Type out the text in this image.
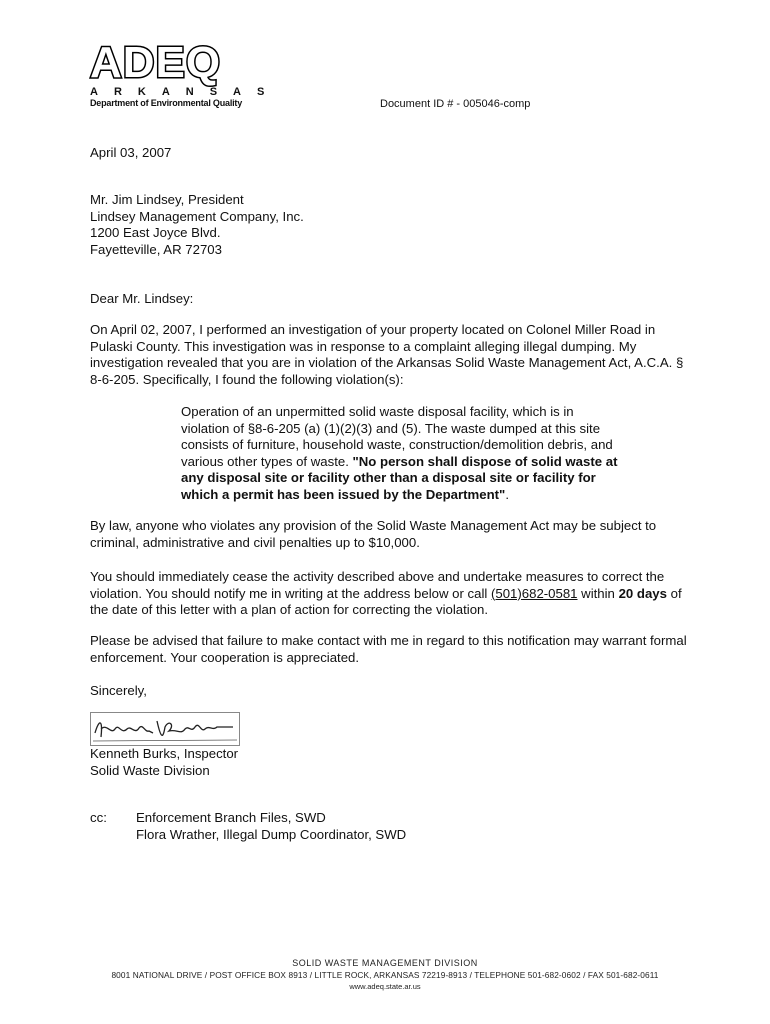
ADEQ
ARKANSAS
Department of Environmental Quality	Document ID # - 005046-comp
April 03, 2007
Mr. Jim Lindsey, President
Lindsey Management Company, Inc.
1200 East Joyce Blvd.
Fayetteville, AR 72703
Dear Mr. Lindsey:
On April 02, 2007, I performed an investigation of your property located on Colonel Miller Road in Pulaski County. This investigation was in response to a complaint alleging illegal dumping. My investigation revealed that you are in violation of the Arkansas Solid Waste Management Act, A.C.A. § 8-6-205. Specifically, I found the following violation(s):
Operation of an unpermitted solid waste disposal facility, which is in violation of §8-6-205 (a) (1)(2)(3) and (5). The waste dumped at this site consists of furniture, household waste, construction/demolition debris, and various other types of waste. "No person shall dispose of solid waste at any disposal site or facility other than a disposal site or facility for which a permit has been issued by the Department".
By law, anyone who violates any provision of the Solid Waste Management Act may be subject to criminal, administrative and civil penalties up to $10,000.
You should immediately cease the activity described above and undertake measures to correct the violation. You should notify me in writing at the address below or call (501)682-0581 within 20 days of the date of this letter with a plan of action for correcting the violation.
Please be advised that failure to make contact with me in regard to this notification may warrant formal enforcement. Your cooperation is appreciated.
Sincerely,
Kenneth Burks, Inspector
Solid Waste Division
cc: Enforcement Branch Files, SWD
Flora Wrather, Illegal Dump Coordinator, SWD
SOLID WASTE MANAGEMENT DIVISION
8001 NATIONAL DRIVE / POST OFFICE BOX 8913 / LITTLE ROCK, ARKANSAS 72219-8913 / TELEPHONE 501-682-0602 / FAX 501-682-0611
www.adeq.state.ar.us
